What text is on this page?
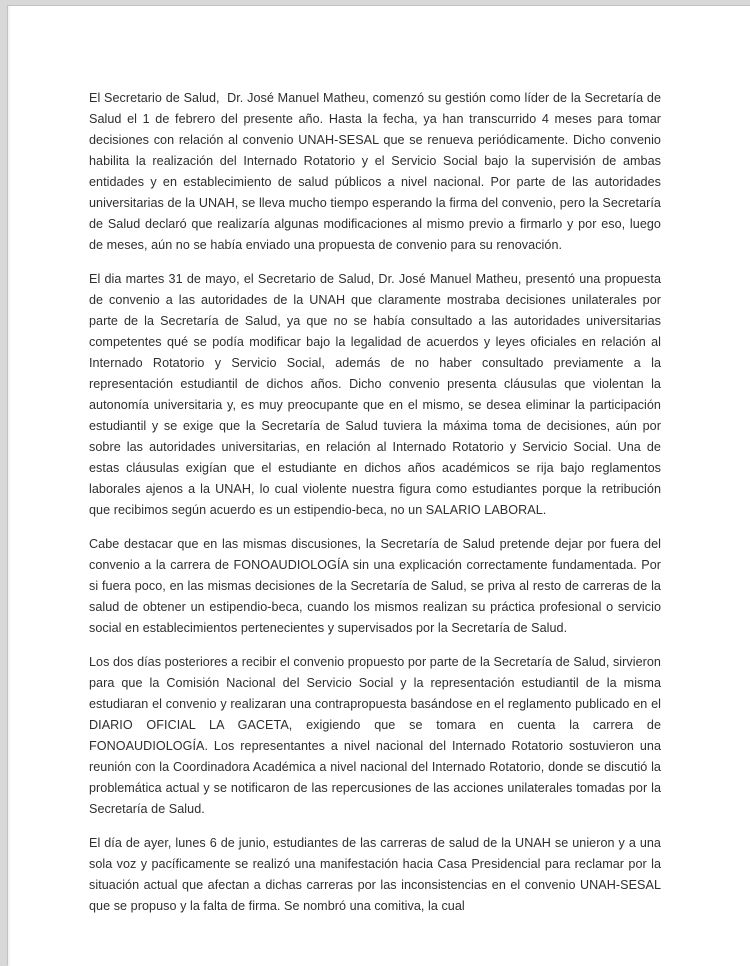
El Secretario de Salud,  Dr. José Manuel Matheu, comenzó su gestión como líder de la Secretaría de Salud el 1 de febrero del presente año. Hasta la fecha, ya han transcurrido 4 meses para tomar decisiones con relación al convenio UNAH-SESAL que se renueva periódicamente. Dicho convenio habilita la realización del Internado Rotatorio y el Servicio Social bajo la supervisión de ambas entidades y en establecimiento de salud públicos a nivel nacional. Por parte de las autoridades universitarias de la UNAH, se lleva mucho tiempo esperando la firma del convenio, pero la Secretaría de Salud declaró que realizaría algunas modificaciones al mismo previo a firmarlo y por eso, luego de meses, aún no se había enviado una propuesta de convenio para su renovación.

El dia martes 31 de mayo, el Secretario de Salud, Dr. José Manuel Matheu, presentó una propuesta de convenio a las autoridades de la UNAH que claramente mostraba decisiones unilaterales por parte de la Secretaría de Salud, ya que no se había consultado a las autoridades universitarias competentes qué se podía modificar bajo la legalidad de acuerdos y leyes oficiales en relación al Internado Rotatorio y Servicio Social, además de no haber consultado previamente a la representación estudiantil de dichos años. Dicho convenio presenta cláusulas que violentan la autonomía universitaria y, es muy preocupante que en el mismo, se desea eliminar la participación estudiantil y se exige que la Secretaría de Salud tuviera la máxima toma de decisiones, aún por sobre las autoridades universitarias, en relación al Internado Rotatorio y Servicio Social. Una de estas cláusulas exigían que el estudiante en dichos años académicos se rija bajo reglamentos laborales ajenos a la UNAH, lo cual violente nuestra figura como estudiantes porque la retribución que recibimos según acuerdo es un estipendio-beca, no un SALARIO LABORAL.

Cabe destacar que en las mismas discusiones, la Secretaría de Salud pretende dejar por fuera del convenio a la carrera de FONOAUDIOLOGÍA sin una explicación correctamente fundamentada. Por si fuera poco, en las mismas decisiones de la Secretaría de Salud, se priva al resto de carreras de la salud de obtener un estipendio-beca, cuando los mismos realizan su práctica profesional o servicio social en establecimientos pertenecientes y supervisados por la Secretaría de Salud.

Los dos días posteriores a recibir el convenio propuesto por parte de la Secretaría de Salud, sirvieron para que la Comisión Nacional del Servicio Social y la representación estudiantil de la misma estudiaran el convenio y realizaran una contrapropuesta basándose en el reglamento publicado en el DIARIO OFICIAL LA GACETA, exigiendo que se tomara en cuenta la carrera de FONOAUDIOLOGÍA. Los representantes a nivel nacional del Internado Rotatorio sostuvieron una reunión con la Coordinadora Académica a nivel nacional del Internado Rotatorio, donde se discutió la problemática actual y se notificaron de las repercusiones de las acciones unilaterales tomadas por la Secretaría de Salud.

El día de ayer, lunes 6 de junio, estudiantes de las carreras de salud de la UNAH se unieron y a una sola voz y pacíficamente se realizó una manifestación hacia Casa Presidencial para reclamar por la situación actual que afectan a dichas carreras por las inconsistencias en el convenio UNAH-SESAL que se propuso y la falta de firma. Se nombró una comitiva, la cual
